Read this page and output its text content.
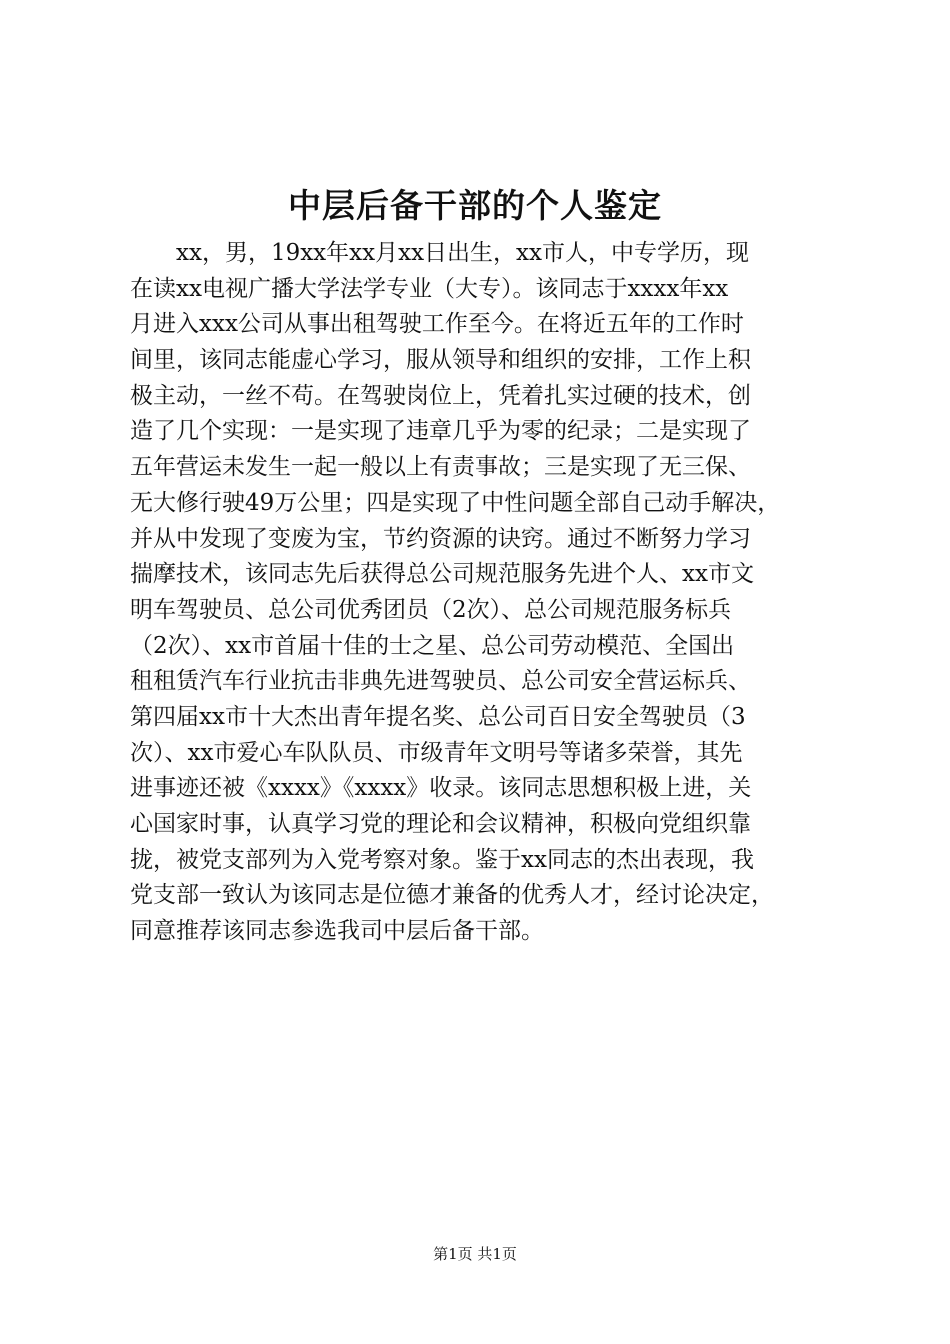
中层后备干部的个人鉴定
xx，男，19xx年xx月xx日出生，xx市人，中专学历，现
在读xx电视广播大学法学专业（大专）。该同志于xxxx年xx
月进入xxx公司从事出租驾驶工作至今。在将近五年的工作时
间里，该同志能虚心学习，服从领导和组织的安排，工作上积
极主动，一丝不苟。在驾驶岗位上，凭着扎实过硬的技术，创
造了几个实现：一是实现了违章几乎为零的纪录；二是实现了
五年营运未发生一起一般以上有责事故；三是实现了无三保、
无大修行驶49万公里；四是实现了中性问题全部自己动手解决，
并从中发现了变废为宝，节约资源的诀窍。通过不断努力学习
揣摩技术，该同志先后获得总公司规范服务先进个人、xx市文
明车驾驶员、总公司优秀团员（2次）、总公司规范服务标兵
（2次）、xx市首届十佳的士之星、总公司劳动模范、全国出
租租赁汽车行业抗击非典先进驾驶员、总公司安全营运标兵、
第四届xx市十大杰出青年提名奖、总公司百日安全驾驶员（3
次）、xx市爱心车队队员、市级青年文明号等诸多荣誉，其先
进事迹还被《xxxx》《xxxx》收录。该同志思想积极上进，关
心国家时事，认真学习党的理论和会议精神，积极向党组织靠
拢，被党支部列为入党考察对象。鉴于xx同志的杰出表现，我
党支部一致认为该同志是位德才兼备的优秀人才，经讨论决定，
同意推荐该同志参选我司中层后备干部。
第1页 共1页
